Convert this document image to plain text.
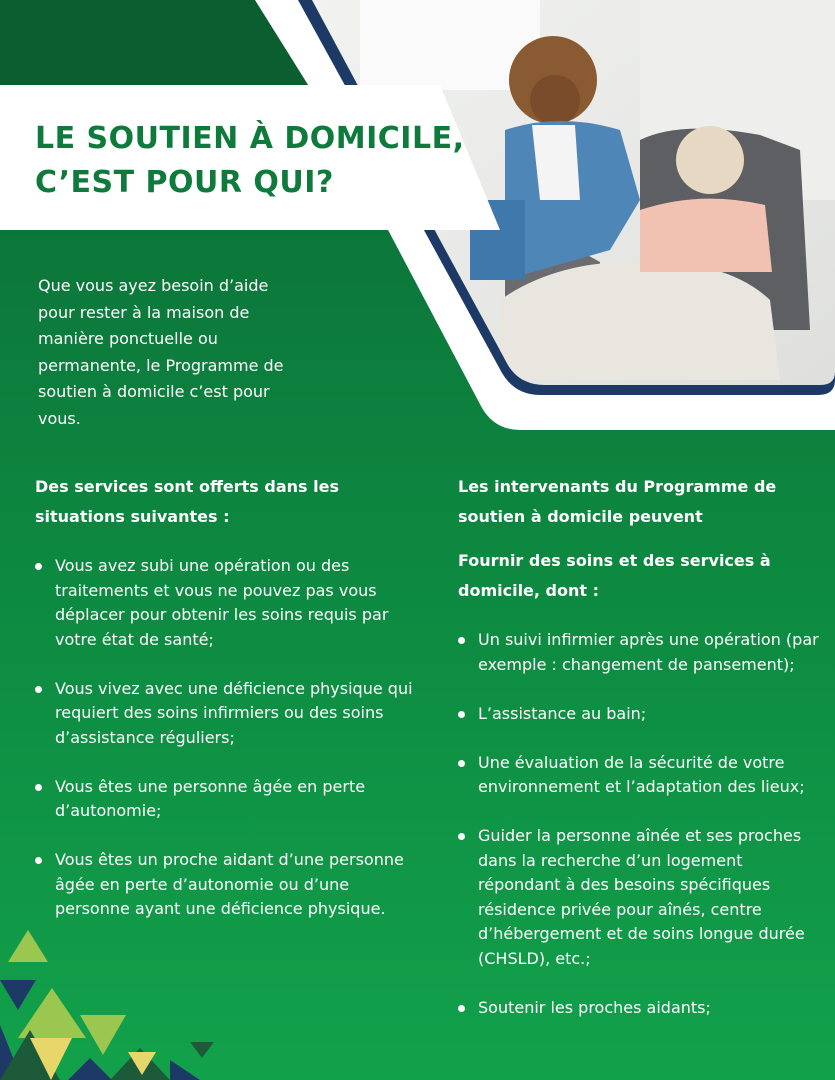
LE SOUTIEN À DOMICILE,
C’EST POUR QUI?

Que vous ayez besoin d’aide pour rester à la maison de manière ponctuelle ou permanente, le Programme de soutien à domicile c’est pour vous.

Des services sont offerts dans les situations suivantes :

Vous avez subi une opération ou des traitements et vous ne pouvez pas vous déplacer pour obtenir les soins requis par votre état de santé;
Vous vivez avec une déficience physique qui requiert des soins infirmiers ou des soins d’assistance réguliers;
Vous êtes une personne âgée en perte d’autonomie;
Vous êtes un proche aidant d’une personne âgée en perte d’autonomie ou d’une personne ayant une déficience physique.

Les intervenants du Programme de soutien à domicile peuvent

Fournir des soins et des services à domicile, dont :

Un suivi infirmier après une opération (par exemple : changement de pansement);
L’assistance au bain;
Une évaluation de la sécurité de votre environnement et l’adaptation des lieux;
Guider la personne aînée et ses proches dans la recherche d’un logement répondant à des besoins spécifiques résidence privée pour aînés, centre d’hébergement et de soins longue durée (CHSLD), etc.;
Soutenir les proches aidants;
